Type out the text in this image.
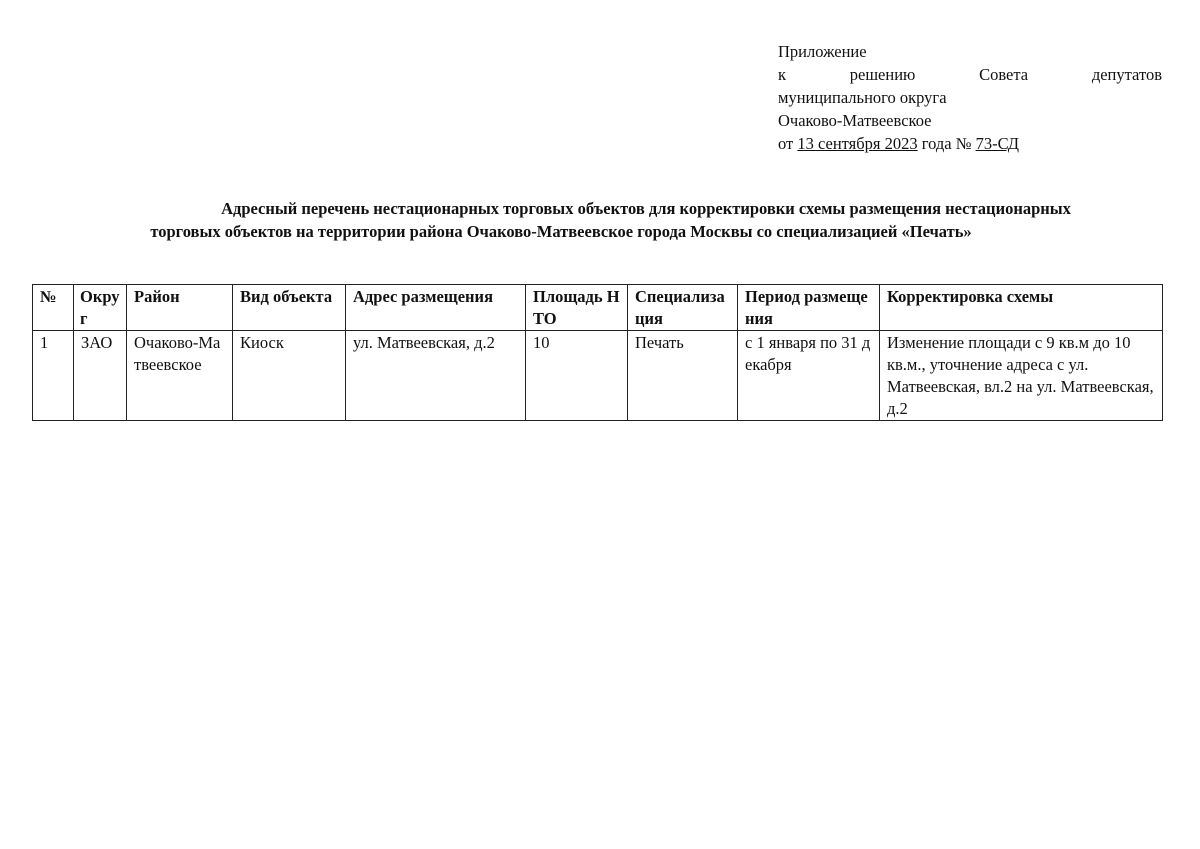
Приложение
к	решению	Совета	депутатов
муниципального округа
Очаково-Матвеевское
от 13 сентября 2023 года № 73-СД
Адресный перечень нестационарных торговых объектов для корректировки схемы размещения нестационарных
торговых объектов на территории района Очаково-Матвеевское города Москвы со специализацией «Печать»
№	Округ	Район	Вид объекта	Адрес размещения	Площадь НТО	Специализация	Период размещения	Корректировка схемы
1	ЗАО	Очаково-Матвеевское	Киоск	ул. Матвеевская, д.2	10	Печать	с 1 января по 31 декабря	Изменение площади с 9 кв.м до 10 кв.м., уточнение адреса с ул. Матвеевская, вл.2 на ул. Матвеевская, д.2
